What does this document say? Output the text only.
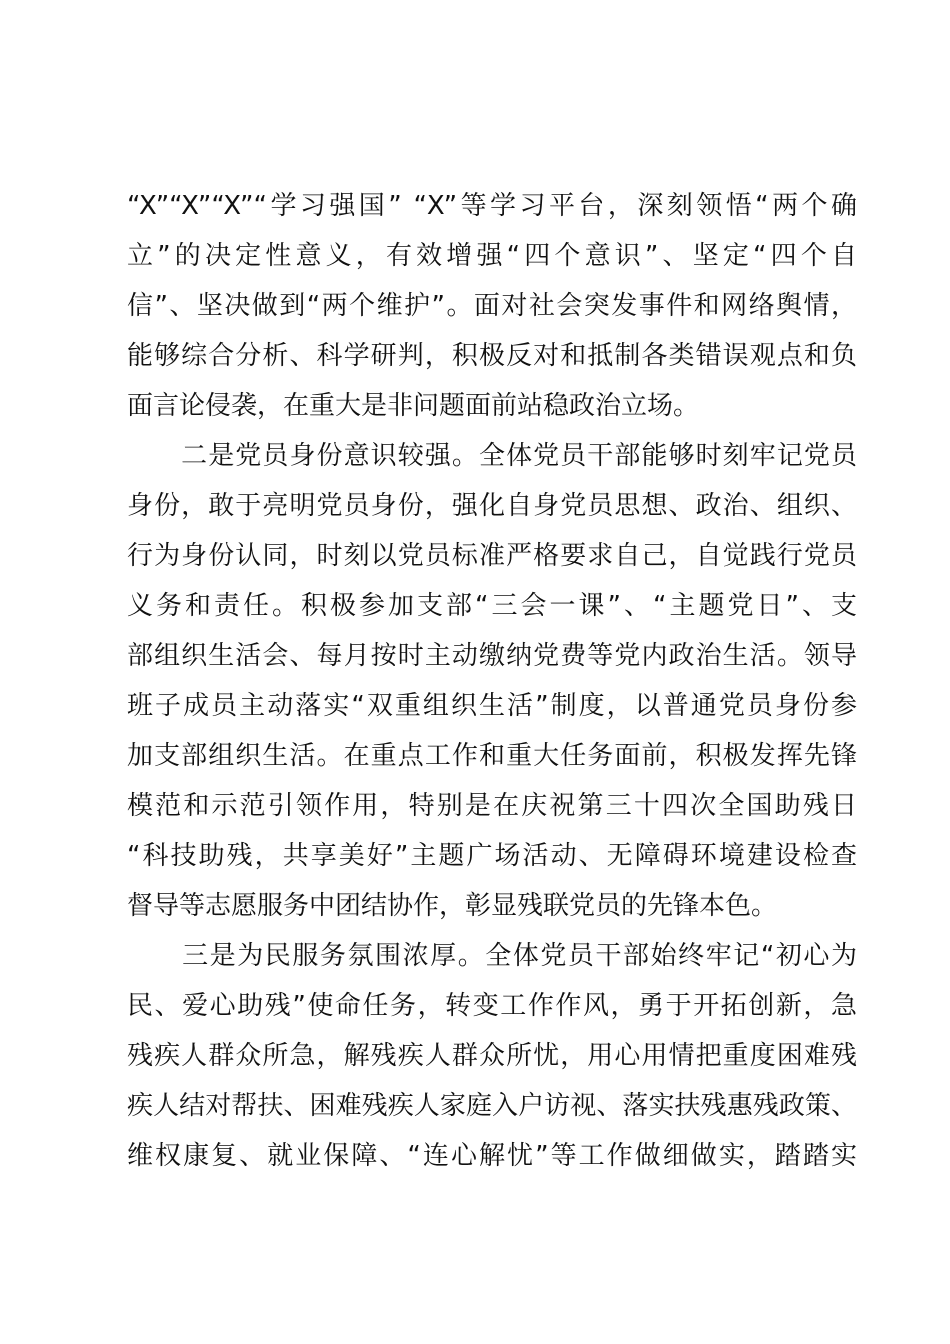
“X”“X”“X”“学习强国” “X”等学习平台，深刻领悟“两个确
立”的决定性意义，有效增强“四个意识”、坚定“四个自
信”、坚决做到“两个维护”。面对社会突发事件和网络舆情，
能够综合分析、科学研判，积极反对和抵制各类错误观点和负
面言论侵袭，在重大是非问题面前站稳政治立场。
　　二是党员身份意识较强。全体党员干部能够时刻牢记党员
身份，敢于亮明党员身份，强化自身党员思想、政治、组织、
行为身份认同，时刻以党员标准严格要求自己，自觉践行党员
义务和责任。积极参加支部“三会一课”、“主题党日”、支
部组织生活会、每月按时主动缴纳党费等党内政治生活。领导
班子成员主动落实“双重组织生活”制度，以普通党员身份参
加支部组织生活。在重点工作和重大任务面前，积极发挥先锋
模范和示范引领作用，特别是在庆祝第三十四次全国助残日
“科技助残，共享美好”主题广场活动、无障碍环境建设检查
督导等志愿服务中团结协作，彰显残联党员的先锋本色。
　　三是为民服务氛围浓厚。全体党员干部始终牢记“初心为
民、爱心助残”使命任务，转变工作作风，勇于开拓创新，急
残疾人群众所急，解残疾人群众所忧，用心用情把重度困难残
疾人结对帮扶、困难残疾人家庭入户访视、落实扶残惠残政策、
维权康复、就业保障、“连心解忧”等工作做细做实，踏踏实
